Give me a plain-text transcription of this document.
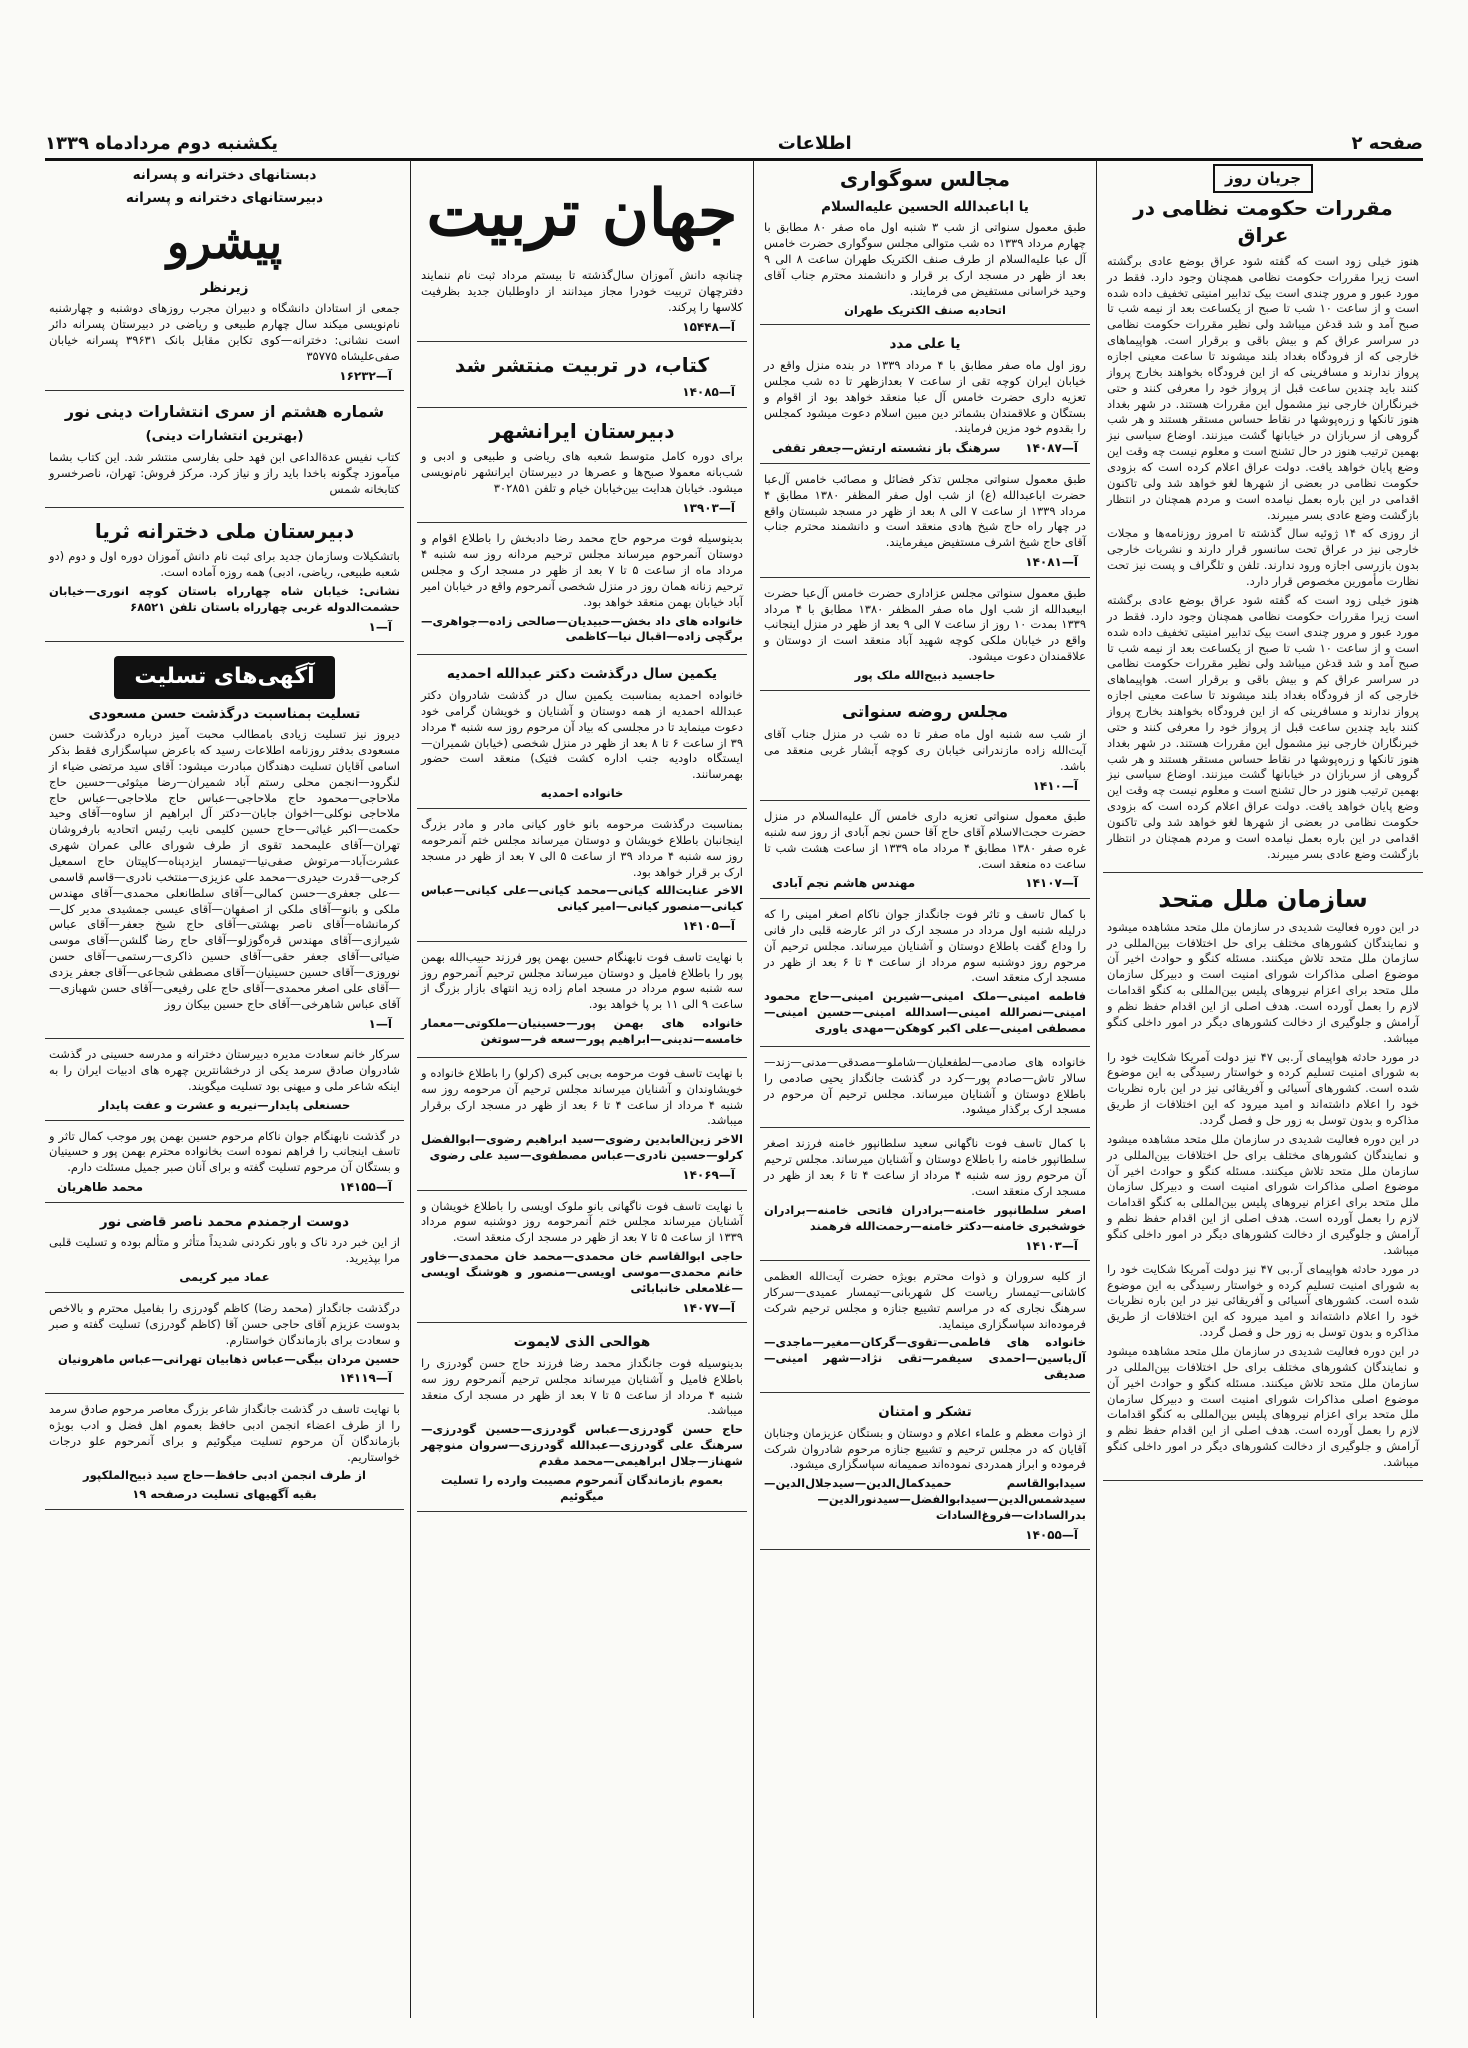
صفحه ۲
اطلاعات
یکشنبه دوم مردادماه ۱۳۳۹
جریان روز
مقررات حکومت نظامی در عراق

هنوز خیلی زود است که گفته شود عراق بوضع عادی برگشته است زیرا مقررات حکومت نظامی همچنان وجود دارد. فقط در مورد عبور و مرور چندی است بیک تدابیر امنیتی تخفیف داده شده است و از ساعت ۱۰ شب تا صبح از یکساعت بعد از نیمه شب تا صبح آمد و شد قدغن میباشد ولی نظیر مقررات حکومت نظامی در سراسر عراق کم و بیش باقی و برقرار است. هواپیماهای خارجی که از فرودگاه بغداد بلند میشوند تا ساعت معینی اجازه پرواز ندارند و مسافرینی که از این فرودگاه بخواهند بخارج پرواز کنند باید چندین ساعت قبل از پرواز خود را معرفی کنند و حتی خبرنگاران خارجی نیز مشمول این مقررات هستند. در شهر بغداد هنوز تانکها و زره‌پوشها در نقاط حساس مستقر هستند و هر شب گروهی از سربازان در خیابانها گشت میزنند. اوضاع سیاسی نیز بهمین ترتیب هنوز در حال تشنج است و معلوم نیست چه وقت این وضع پایان خواهد یافت. دولت عراق اعلام کرده است که بزودی حکومت نظامی در بعضی از شهرها لغو خواهد شد ولی تاکنون اقدامی در این باره بعمل نیامده است و مردم همچنان در انتظار بازگشت وضع عادی بسر میبرند.

از روزی که ۱۴ ژوئیه سال گذشته تا امروز روزنامه‌ها و مجلات خارجی نیز در عراق تحت سانسور قرار دارند و نشریات خارجی بدون بازرسی اجازه ورود ندارند. تلفن و تلگراف و پست نیز تحت نظارت مأمورین مخصوص قرار دارد.

هنوز خیلی زود است که گفته شود عراق بوضع عادی برگشته است زیرا مقررات حکومت نظامی همچنان وجود دارد. فقط در مورد عبور و مرور چندی است بیک تدابیر امنیتی تخفیف داده شده است و از ساعت ۱۰ شب تا صبح از یکساعت بعد از نیمه شب تا صبح آمد و شد قدغن میباشد ولی نظیر مقررات حکومت نظامی در سراسر عراق کم و بیش باقی و برقرار است. هواپیماهای خارجی که از فرودگاه بغداد بلند میشوند تا ساعت معینی اجازه پرواز ندارند و مسافرینی که از این فرودگاه بخواهند بخارج پرواز کنند باید چندین ساعت قبل از پرواز خود را معرفی کنند و حتی خبرنگاران خارجی نیز مشمول این مقررات هستند. در شهر بغداد هنوز تانکها و زره‌پوشها در نقاط حساس مستقر هستند و هر شب گروهی از سربازان در خیابانها گشت میزنند. اوضاع سیاسی نیز بهمین ترتیب هنوز در حال تشنج است و معلوم نیست چه وقت این وضع پایان خواهد یافت. دولت عراق اعلام کرده است که بزودی حکومت نظامی در بعضی از شهرها لغو خواهد شد ولی تاکنون اقدامی در این باره بعمل نیامده است و مردم همچنان در انتظار بازگشت وضع عادی بسر میبرند.

سازمان ملل متحد

در این دوره فعالیت شدیدی در سازمان ملل متحد مشاهده میشود و نمایندگان کشورهای مختلف برای حل اختلافات بین‌المللی در سازمان ملل متحد تلاش میکنند. مسئله کنگو و حوادث اخیر آن موضوع اصلی مذاکرات شورای امنیت است و دبیرکل سازمان ملل متحد برای اعزام نیروهای پلیس بین‌المللی به کنگو اقدامات لازم را بعمل آورده است. هدف اصلی از این اقدام حفظ نظم و آرامش و جلوگیری از دخالت کشورهای دیگر در امور داخلی کنگو میباشد.

در مورد حادثه هواپیمای آر.بی ۴۷ نیز دولت آمریکا شکایت خود را به شورای امنیت تسلیم کرده و خواستار رسیدگی به این موضوع شده است. کشورهای آسیائی و آفریقائی نیز در این باره نظریات خود را اعلام داشته‌اند و امید میرود که این اختلافات از طریق مذاکره و بدون توسل به زور حل و فصل گردد.

در این دوره فعالیت شدیدی در سازمان ملل متحد مشاهده میشود و نمایندگان کشورهای مختلف برای حل اختلافات بین‌المللی در سازمان ملل متحد تلاش میکنند. مسئله کنگو و حوادث اخیر آن موضوع اصلی مذاکرات شورای امنیت است و دبیرکل سازمان ملل متحد برای اعزام نیروهای پلیس بین‌المللی به کنگو اقدامات لازم را بعمل آورده است. هدف اصلی از این اقدام حفظ نظم و آرامش و جلوگیری از دخالت کشورهای دیگر در امور داخلی کنگو میباشد.

در مورد حادثه هواپیمای آر.بی ۴۷ نیز دولت آمریکا شکایت خود را به شورای امنیت تسلیم کرده و خواستار رسیدگی به این موضوع شده است. کشورهای آسیائی و آفریقائی نیز در این باره نظریات خود را اعلام داشته‌اند و امید میرود که این اختلافات از طریق مذاکره و بدون توسل به زور حل و فصل گردد.

در این دوره فعالیت شدیدی در سازمان ملل متحد مشاهده میشود و نمایندگان کشورهای مختلف برای حل اختلافات بین‌المللی در سازمان ملل متحد تلاش میکنند. مسئله کنگو و حوادث اخیر آن موضوع اصلی مذاکرات شورای امنیت است و دبیرکل سازمان ملل متحد برای اعزام نیروهای پلیس بین‌المللی به کنگو اقدامات لازم را بعمل آورده است. هدف اصلی از این اقدام حفظ نظم و آرامش و جلوگیری از دخالت کشورهای دیگر در امور داخلی کنگو میباشد.

مجالس سوگواری
یا اباعبدالله الحسین علیه‌السلام

طبق معمول سنواتی از شب ۳ شنبه اول ماه صفر ۸۰ مطابق با چهارم مرداد ۱۳۳۹ ده شب متوالی مجلس سوگواری حضرت خامس آل عبا علیه‌السلام از طرف صنف الکتریک طهران ساعت ۸ الی ۹ بعد از ظهر در مسجد ارک بر قرار و دانشمند محترم جناب آقای وحید خراسانی مستفیض می فرمایند.

اتحادیه صنف الکتریک طهران
یا علی مدد

روز اول ماه صفر مطابق با ۴ مرداد ۱۳۳۹ در بنده منزل واقع در خیابان ایران کوچه تقی از ساعت ۷ بعدازظهر تا ده شب مجلس تعزیه داری حضرت خامس آل عبا منعقد خواهد بود از اقوام و بستگان و علاقمندان بشماتر دین مبین اسلام دعوت میشود کمجلس را بقدوم خود مزین فرمایند.

آ—۱۴۰۸۷
سرهنگ باز نشسته ارتش—جعفر تقفی

طبق معمول سنواتی مجلس تذکر فضائل و مصائب خامس آل‌عبا حضرت اباعبدالله (ع) از شب اول صفر المظفر ۱۳۸۰ مطابق ۴ مرداد ۱۳۳۹ از ساعت ۷ الی ۸ بعد از ظهر در مسجد شبستان واقع در چهار راه حاج شیخ هادی منعقد است و دانشمند محترم جناب آقای حاج شیخ اشرف مستفیض میفرمایند.

آ—۱۴۰۸۱

طبق معمول سنواتی مجلس عزاداری حضرت خامس آل‌عبا حضرت ابیعبدالله از شب اول ماه صفر المظفر ۱۳۸۰ مطابق با ۴ مرداد ۱۳۳۹ بمدت ۱۰ روز از ساعت ۷ الی ۹ بعد از ظهر در منزل اینجانب واقع در خیابان ملکی کوچه شهید آباد منعقد است از دوستان و علاقمندان دعوت میشود.

حاجسید ذبیح‌الله ملک پور
مجلس روضه سنواتی

از شب سه شنبه اول ماه صفر تا ده شب در منزل جناب آقای آیت‌الله زاده مازندرانی خیابان ری کوچه آبشار غربی منعقد می باشد.

آ—۱۴۱۰

طبق معمول سنواتی تعزیه داری خامس آل علیه‌السلام در منزل حضرت حجت‌الاسلام آقای حاج آقا حسن نجم آبادی از روز سه شنبه غره صفر ۱۳۸۰ مطابق ۴ مرداد ماه ۱۳۳۹ از ساعت هشت شب تا ساعت ده منعقد است.

آ—۱۴۱۰۷
مهندس هاشم نجم آبادی

با کمال تاسف و تاثر فوت جانگداز جوان ناکام اصغر امینی را که درلیله شنبه اول مرداد در مسجد ارک در اثر عارضه قلبی دار فانی را وداع گفت باطلاع دوستان و آشنایان میرساند. مجلس ترحیم آن مرحوم روز دوشنبه سوم مرداد از ساعت ۴ تا ۶ بعد از ظهر در مسجد ارک منعقد است.

فاطمه امینی—ملک امینی—شیرین امینی—حاج محمود امینی—نصرالله امینی—اسدالله امینی—حسین امینی—مصطفی امینی—علی اکبر کوهکن—مهدی یاوری

خانواده های صادمی—لطفعلیان—شاملو—مصدقی—مدنی—زند—سالار تاش—صادم پور—کرد در گذشت جانگداز یحیی صادمی را باطلاع دوستان و آشنایان میرساند. مجلس ترحیم آن مرحوم در مسجد ارک برگذار میشود.

با کمال تاسف فوت ناگهانی سعید سلطانپور خامنه فرزند اصغر سلطانپور خامنه را باطلاع دوستان و آشنایان میرساند. مجلس ترحیم آن مرحوم روز سه شنبه ۴ مرداد از ساعت ۴ تا ۶ بعد از ظهر در مسجد ارک منعقد است.

اصغر سلطانپور خامنه—برادران فاتحی خامنه—برادران خوشخبری خامنه—دکتر خامنه—رحمت‌الله فرهمند

آ—۱۴۱۰۳

از کلیه سروران و ذوات محترم بویژه حضرت آیت‌الله العظمی کاشانی—تیمسار ریاست کل شهربانی—تیمسار عمیدی—سرکار سرهنگ نجاری که در مراسم تشییع جنازه و مجلس ترحیم شرکت فرموده‌اند سپاسگزاری مینماید.

خانواده های فاطمی—تقوی—گرکان—مغیر—ماجدی—آل‌یاسین—احمدی سیفمر—تقی نژاد—شهر امینی—صدیقی

تشکر و امتنان

از ذوات معظم و علماء اعلام و دوستان و بستگان عزیزمان وجنابان آقایان که در مجلس ترحیم و تشییع جنازه مرحوم شادروان شرکت فرموده و ابراز همدردی نموده‌اند صمیمانه سپاسگزاری میشود.

سیدابوالقاسم حمید‌کمال‌الدین—سیدجلال‌الدین—سیدشمس‌الدین—سید‌ابوالفضل—سیدنورالدین—بدرالسادات—فروغ‌السادات

آ—۱۴۰۵۵
جهان تربیت

چنانچه دانش آموزان سال‌گذشته تا بیستم مرداد ثبت نام ننمایند دفترچهان تربیت خودرا مجاز میدانند از داوطلبان جدید بظرفیت کلاسها را پرکند.

آ—۱۵۴۴۸
کتاب، در تربیت منتشر شد
آ—۱۴۰۸۵
دبیرستان ایرانشهر

برای دوره کامل متوسط شعبه های ریاضی و طبیعی و ادبی و شب‌بانه معمولا صبح‌ها و عصرها در دبیرستان ایرانشهر نام‌نویسی میشود. خیابان هدایت بین‌خیابان خیام و تلفن ۳۰۲۸۵۱

آ—۱۳۹۰۳

بدینوسیله فوت مرحوم حاج محمد رضا دادبخش را باطلاع اقوام و دوستان آنمرحوم میرساند مجلس ترحیم مردانه روز سه شنبه ۴ مرداد ماه از ساعت ۵ تا ۷ بعد از ظهر در مسجد ارک و مجلس ترحیم زنانه همان روز در منزل شخصی آنمرحوم واقع در خیابان امیر آباد خیابان بهمن منعقد خواهد بود.

خانواده های داد بخش—حبیدیان—صالحی زاده—جواهری—برگچی زاده—اقبال نیا—کاظمی

یکمین سال درگذشت دکتر عبدالله احمدیه

خانواده احمدیه بمناسبت یکمین سال در گذشت شادروان دکتر عبدالله احمدیه از همه دوستان و آشنایان و خویشان گرامی خود دعوت مینماید تا در مجلسی که بیاد آن مرحوم روز سه شنبه ۴ مرداد ۳۹ از ساعت ۶ تا ۸ بعد از ظهر در منزل شخصی (خیابان شمیران—ایستگاه داودیه جنب اداره کشت فتیک) منعقد است حضور بهمرسانند.

خانواده احمدیه

بمناسبت درگذشت مرحومه بانو خاور کیانی مادر و مادر بزرگ اینجانبان باطلاع خویشان و دوستان میرساند مجلس ختم آنمرحومه روز سه شنبه ۴ مرداد ۳۹ از ساعت ۵ الی ۷ بعد از ظهر در مسجد ارک بر قرار خواهد بود.

الاخر عنایت‌الله کیانی—محمد کیانی—علی کیانی—عباس کیانی—منصور کیانی—امیر کیانی

آ—۱۴۱۰۵

با نهایت تاسف فوت نابهنگام حسین بهمن پور فرزند حبیب‌الله بهمن پور را باطلاع فامیل و دوستان میرساند مجلس ترحیم آنمرحوم روز سه شنبه سوم مرداد در مسجد امام زاده زید انتهای بازار بزرگ از ساعت ۹ الی ۱۱ بر پا خواهد بود.

خانواده های بهمن پور—حسینیان—ملکوتی—معمار خامسه—تدینی—ابراهیم پور—سعه فر—سوتغن

با نهایت تاسف فوت مرحومه بی‌بی کبری (کرلو) را باطلاع خانواده و خویشاوندان و آشنایان میرساند مجلس ترحیم آن مرحومه روز سه شنبه ۴ مرداد از ساعت ۴ تا ۶ بعد از ظهر در مسجد ارک برقرار میباشد.

الاخر زین‌العابدین رضوی—سید ابراهیم رضوی—ابوالفضل کرلو—حسین نادری—عباس مصطفوی—سید علی رضوی

آ—۱۴۰۶۹

با نهایت تاسف فوت ناگهانی بانو ملوک اویسی را باطلاع خویشان و آشنایان میرساند مجلس ختم آنمرحومه روز دوشنبه سوم مرداد ۱۳۳۹ از ساعت ۵ تا ۷ بعد از ظهر در مسجد ارک منعقد است.

حاجی ابوالقاسم خان محمدی—محمد خان محمدی—خاور خانم محمدی—موسی اویسی—منصور و هوشنگ اویسی—غلامعلی خانبابائی

آ—۱۴۰۷۷
هوالحی الذی لایموت

بدینوسیله فوت جانگداز محمد رضا فرزند حاج حسن گودرزی را باطلاع فامیل و آشنایان میرساند مجلس ترحیم آنمرحوم روز سه شنبه ۴ مرداد از ساعت ۵ تا ۷ بعد از ظهر در مسجد ارک منعقد میباشد.

حاج حسن گودرزی—عباس گودرزی—حسین گودرزی—سرهنگ علی گودرزی—عبدالله گودرزی—سروان منوچهر شهناز—جلال ابراهیمی—محمد مقدم

بعموم بازماندگان آنمرحوم مصیبت وارده را تسلیت میگوئیم
دبستانهای دخترانه و پسرانه
دبیرستانهای دخترانه و پسرانه
پیشرو
زیرنظر

جمعی از استادان دانشگاه و دبیران مجرب روزهای دوشنبه و چهارشنبه نام‌نویسی میکند سال چهارم طبیعی و ریاضی در دبیرستان پسرانه دائر است نشانی: دخترانه—کوی تکابن مقابل بانک ۳۹۶۳۱ پسرانه خیابان صفی‌علیشاه ۳۵۷۷۵

آ—۱۶۲۳۲
شماره هشتم از سری انتشارات دینی نور
(بهترین انتشارات دینی)

کتاب نفیس عدةالداعی ابن فهد حلی بفارسی منتشر شد. این کتاب بشما میآموزد چگونه باخدا باید راز و نیاز کرد. مرکز فروش: تهران، ناصرخسرو کتابخانه شمس

دبیرستان ملی دخترانه ثریا

باتشکیلات وسازمان جدید برای ثبت نام دانش آموزان دوره اول و دوم (دو شعبه طبیعی، ریاضی، ادبی) همه روزه آماده است.

نشانی: خیابان شاه چهارراه باستان کوچه انوری—خیابان حشمت‌الدوله غربی چهارراه باستان تلفن ۶۸۵۲۱

آ—۱
آگهی‌های تسلیت
تسلیت بمناسبت درگذشت حسن مسعودی

دیروز نیز تسلیت زیادی بامطالب محبت آمیز درباره درگذشت حسن مسعودی بدفتر روزنامه اطلاعات رسید که باعرض سپاسگزاری فقط بذکر اسامی آقایان تسلیت دهندگان مبادرت میشود: آقای سید مرتضی ضیاء از لنگرود—انجمن محلی رستم آباد شمیران—رضا میثوئی—حسین حاج ملاحاجی—محمود حاج ملاحاجی—عباس حاج ملاحاجی—عباس حاج ملاحاجی نوکلی—اخوان جابان—دکتر آل ابراهیم از ساوه—آقای وحید حکمت—اکبر غیاثی—حاج حسین کلیمی نایب رئیس اتحادیه بارفروشان تهران—آقای علیمحمد تقوی از طرف شورای عالی عمران شهری عشرت‌آباد—مرتوش صفی‌نیا—تیمسار ایزدپناه—کاپیتان حاج اسمعیل کرجی—قدرت حیدری—محمد علی عزیزی—منتخب نادری—قاسم قاسمی—علی جعفری—حسن کمالی—آقای سلطانعلی محمدی—آقای مهندس ملکی و بانو—آقای ملکی از اصفهان—آقای عیسی جمشیدی مدیر کل—کرمانشاه—آقای ناصر بهشتی—آقای حاج شیخ جعفر—آقای عباس شیرازی—آقای مهندس قره‌گوزلو—آقای حاج رضا گلشن—آقای موسی ضیائی—آقای جعفر حقی—آقای حسین ذاکری—رستمی—آقای حسن نوروزی—آقای حسین حسینیان—آقای مصطفی شجاعی—آقای جعفر یزدی—آقای علی اصغر محمدی—آقای حاج علی رفیعی—آقای حسن شهبازی—آقای عباس شاهرخی—آقای حاج حسین بیکان روز

آ—۱

سرکار خانم سعادت مدیره دبیرستان دخترانه و مدرسه حسینی در گذشت شادروان صادق سرمد یکی از درخشانترین چهره های ادبیات ایران ‌را به اینکه شاعر ملی و میهنی بود تسلیت میگویند.

حسنعلی پایدار—نیریه و عشرت و عفت پایدار

در گذشت نابهنگام جوان ناکام مرحوم حسین بهمن پور موجب کمال تاثر و تاسف اینجانب را فراهم نموده است بخانواده محترم بهمن پور و حسینیان و بستگان آن مرحوم تسلیت گفته و برای آنان صبر جمیل مسئلت دارم.

آ—۱۴۱۵۵
محمد طاهریان
دوست ارجمندم محمد ناصر قاضی نور

از این خبر درد ناک و باور نکردنی شدیداً متأثر و متألم بوده و تسلیت قلبی مرا بپذیرید.

عماد میر کریمی

درگذشت جانگداز (محمد رضا) کاظم گودرزی را بفامیل محترم و بالاخص بدوست عزیزم آقای حاجی حسن آقا (کاظم گودرزی) تسلیت گفته و صبر و سعادت برای بازماندگان خواستارم.

حسین مردان بیگی—عباس ذهابیان تهرانی—عباس ماهرونیان

آ—۱۴۱۱۹

با نهایت تاسف در گذشت جانگداز شاعر بزرگ معاصر مرحوم صادق سرمد را از طرف اعضاء انجمن ادبی حافظ بعموم اهل فضل و ادب بویژه بازماندگان آن مرحوم تسلیت میگوئیم و برای آنمرحوم علو درجات خواستاریم.

از طرف انجمن ادبی حافظ—حاج سید ذبیح‌الملکپور
بقیه آگهیهای تسلیت درصفحه ۱۹
